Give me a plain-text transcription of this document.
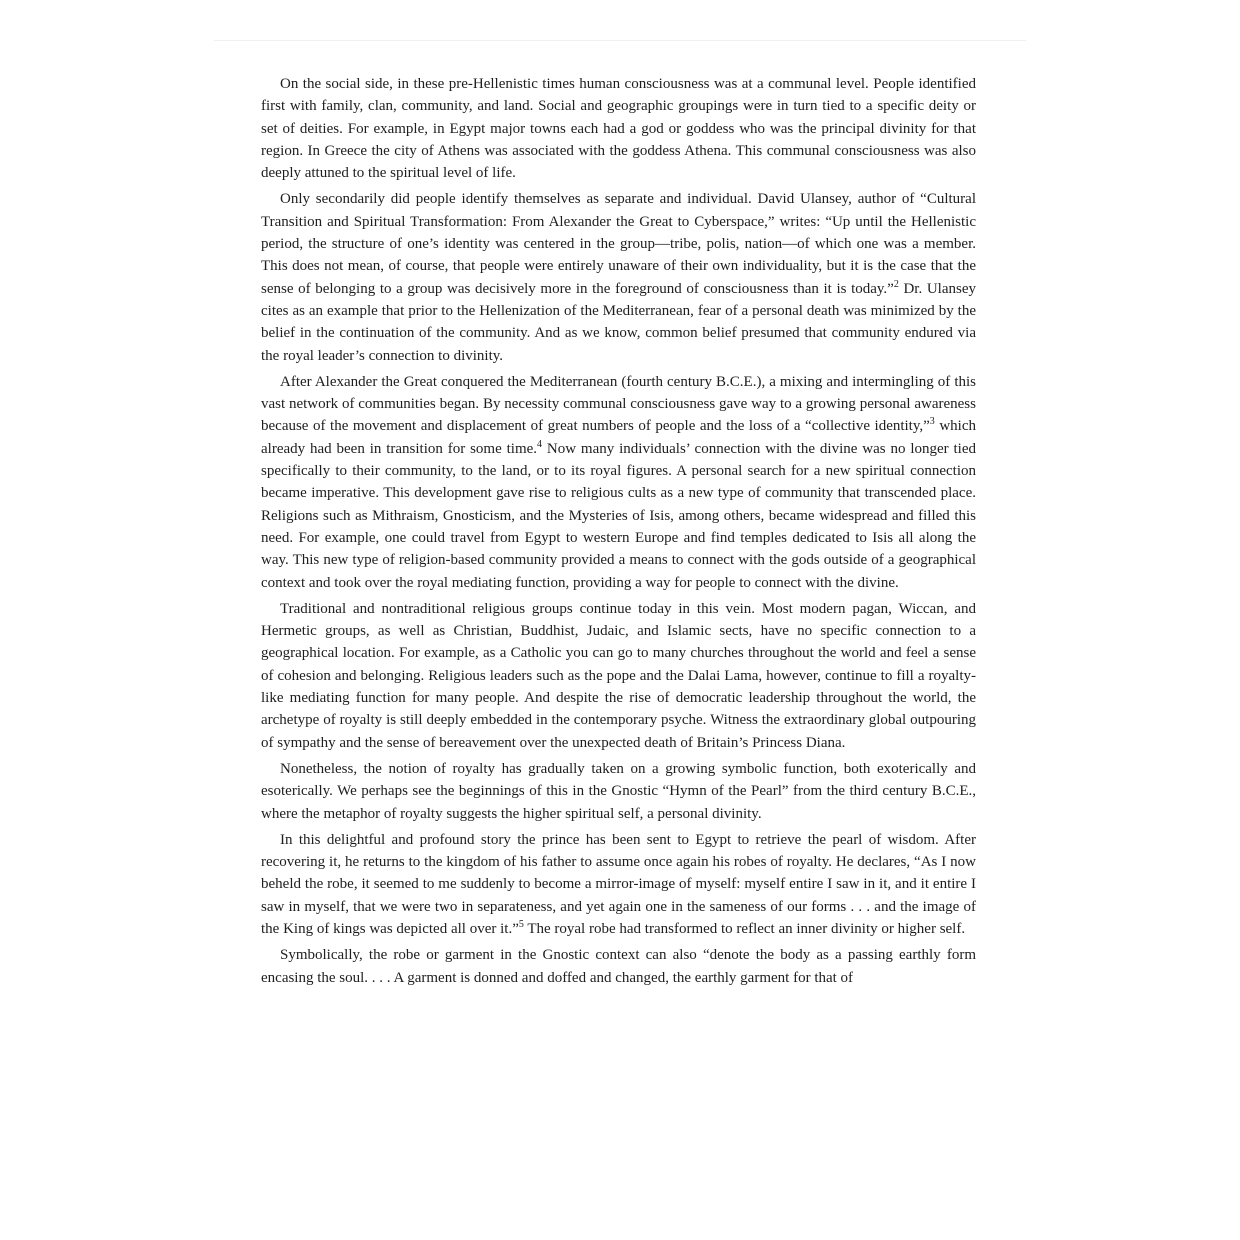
On the social side, in these pre-Hellenistic times human consciousness was at a communal level. People identified first with family, clan, community, and land. Social and geographic groupings were in turn tied to a specific deity or set of deities. For example, in Egypt major towns each had a god or goddess who was the principal divinity for that region. In Greece the city of Athens was associated with the goddess Athena. This communal consciousness was also deeply attuned to the spiritual level of life.

Only secondarily did people identify themselves as separate and individual. David Ulansey, author of “Cultural Transition and Spiritual Transformation: From Alexander the Great to Cyberspace,” writes: “Up until the Hellenistic period, the structure of one’s identity was centered in the group—tribe, polis, nation—of which one was a member. This does not mean, of course, that people were entirely unaware of their own individuality, but it is the case that the sense of belonging to a group was decisively more in the foreground of consciousness than it is today.”$^2$ Dr. Ulansey cites as an example that prior to the Hellenization of the Mediterranean, fear of a personal death was minimized by the belief in the continuation of the community. And as we know, common belief presumed that community endured via the royal leader’s connection to divinity.

After Alexander the Great conquered the Mediterranean (fourth century B.C.E.), a mixing and intermingling of this vast network of communities began. By necessity communal consciousness gave way to a growing personal awareness because of the movement and displacement of great numbers of people and the loss of a “collective identity,”$^3$ which already had been in transition for some time.$^4$ Now many individuals’ connection with the divine was no longer tied specifically to their community, to the land, or to its royal figures. A personal search for a new spiritual connection became imperative. This development gave rise to religious cults as a new type of community that transcended place. Religions such as Mithraism, Gnosticism, and the Mysteries of Isis, among others, became widespread and filled this need. For example, one could travel from Egypt to western Europe and find temples dedicated to Isis all along the way. This new type of religion-based community provided a means to connect with the gods outside of a geographical context and took over the royal mediating function, providing a way for people to connect with the divine.

Traditional and nontraditional religious groups continue today in this vein. Most modern pagan, Wiccan, and Hermetic groups, as well as Christian, Buddhist, Judaic, and Islamic sects, have no specific connection to a geographical location. For example, as a Catholic you can go to many churches throughout the world and feel a sense of cohesion and belonging. Religious leaders such as the pope and the Dalai Lama, however, continue to fill a royalty-like mediating function for many people. And despite the rise of democratic leadership throughout the world, the archetype of royalty is still deeply embedded in the contemporary psyche. Witness the extraordinary global outpouring of sympathy and the sense of bereavement over the unexpected death of Britain’s Princess Diana.

Nonetheless, the notion of royalty has gradually taken on a growing symbolic function, both exoterically and esoterically. We perhaps see the beginnings of this in the Gnostic “Hymn of the Pearl” from the third century B.C.E., where the metaphor of royalty suggests the higher spiritual self, a personal divinity.

In this delightful and profound story the prince has been sent to Egypt to retrieve the pearl of wisdom. After recovering it, he returns to the kingdom of his father to assume once again his robes of royalty. He declares, “As I now beheld the robe, it seemed to me suddenly to become a mirror-image of myself: myself entire I saw in it, and it entire I saw in myself, that we were two in separateness, and yet again one in the sameness of our forms . . . and the image of the King of kings was depicted all over it.”$^5$ The royal robe had transformed to reflect an inner divinity or higher self.

Symbolically, the robe or garment in the Gnostic context can also “denote the body as a passing earthly form encasing the soul. . . . A garment is donned and doffed and changed, the earthly garment for that of
